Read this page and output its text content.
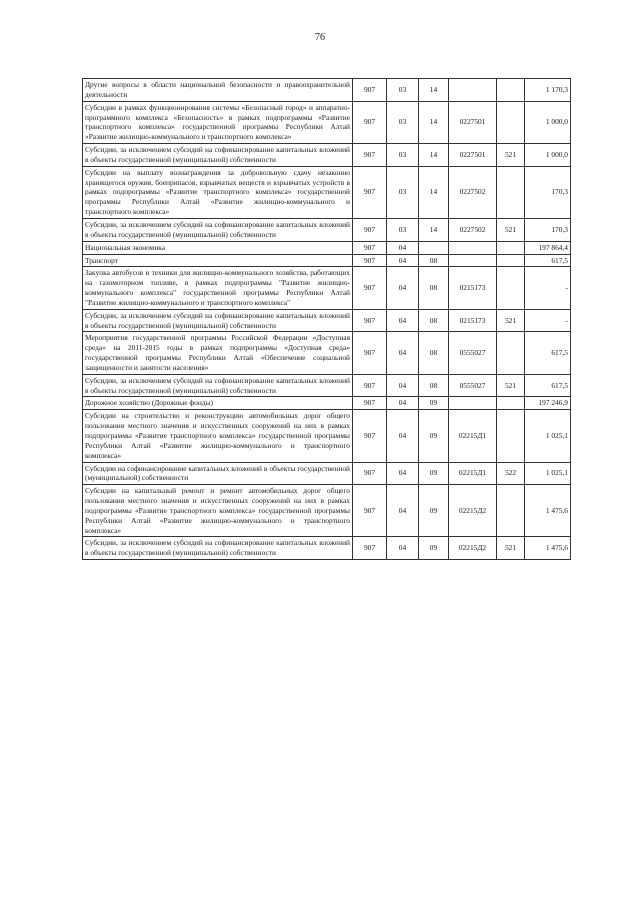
76
Другие вопросы в области национальной безопасности и правоохранительной деятельности	907	03	14			1 170,3
Субсидии в рамках функционирования системы «Безопасный город» и аппаратно-программного комплекса «Безопасность» в рамках подпрограммы «Развитие транспортного комплекса» государственной программы Республики Алтай »Развитие жилищно-коммунального и транспортного комплекса»	907	03	14	0227501		1 000,0
Субсидии, за исключением субсидий на софинансирование капитальных вложений в объекты государственной (муниципальной) собственности	907	03	14	0227501	521	1 000,0
Субсидии на выплату вознаграждения за добровольную сдачу незаконно хранящегося оружия, боеприпасов, взрывчатых веществ и взрывчатых устройств в рамках подпрограммы «Развитие транспортного комплекса» государственной программы Республики Алтай «Развитие жилищно-коммунального и транспортного комплекса»	907	03	14	0227502		170,3
Субсидии, за исключением субсидий на софинансирование капитальных вложений в объекты государственной (муниципальной) собственности	907	03	14	0227502	521	170,3
Национальная экономика	907	04				197 864,4
Транспорт	907	04	08			617,5
Закупка автобусов и техники для жилищно-коммунального хозяйства, работающих на газомоторном топливе, в рамках подпрограммы "Развитие жилищно-коммунального комплекса" государственной программы Республики Алтай "Развитие жилищно-коммунального и транспортного комплекса"	907	04	08	0215173		-
Субсидии, за исключением субсидий на софинансирование капитальных вложений в объекты государственной (муниципальной) собственности	907	04	08	0215173	521	-
Мероприятия государственной программы Российской Федерации «Доступная среда» на 2011-2015 годы в рамках подпрограммы «Доступная среда» государственной программы Республики Алтай «Обеспечение социальной защищенности и занятости населения»	907	04	08	0555027		617,5
Субсидии, за исключением субсидий на софинансирование капитальных вложений в объекты государственной (муниципальной) собственности	907	04	08	0555027	521	617,5
Дорожное хозяйство (Дорожные фонды)	907	04	09			197 246,9
Субсидии на строительство и реконструкцию автомобильных дорог общего пользования местного значения и искусственных сооружений на них в рамках подпрограммы «Развитие транспортного комплекса» государственной программы Республики Алтай «Развитие жилищно-коммунального и транспортного комплекса»	907	04	09	02215Д1		1 025,1
Субсидии на софинансирование капитальных вложений в объекты государственной (муниципальной) собственности	907	04	09	02215Д1	522	1 025,1
Субсидии на капитальный ремонт и ремонт автомобильных дорог общего пользования местного значения и искусственных сооружений на них в рамках подпрограммы «Развитие транспортного комплекса» государственной программы Республики Алтай «Развитие жилищно-коммунального и транспортного комплекса»	907	04	09	02215Д2		1 475,6
Субсидии, за исключением субсидий на софинансирование капитальных вложений в объекты государственной (муниципальной) собственности	907	04	09	02215Д2	521	1 475,6
